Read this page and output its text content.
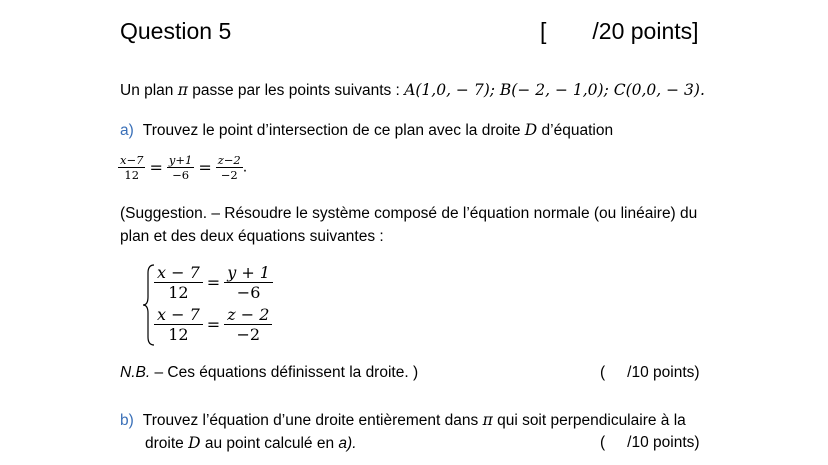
Question 5	[ /20 points]
Un plan π passe par les points suivants : A(1,0, − 7); B(− 2, − 1,0); C(0,0, − 3).
a) Trouvez le point d’intersection de ce plan avec la droite D d’équation
$\frac{x-7}{12} = \frac{y+1}{-6} = \frac{z-2}{-2}$ .
(Suggestion. – Résoudre le système composé de l’équation normale (ou linéaire) du
plan et des deux équations suivantes :
$\frac{x - 7}{12} = \frac{y + 1}{-6}$
$\frac{x - 7}{12} = \frac{z - 2}{-2}$
N.B. – Ces équations définissent la droite. )	( /10 points)
b) Trouvez l’équation d’une droite entièrement dans π qui soit perpendiculaire à la
droite D au point calculé en a).	( /10 points)
